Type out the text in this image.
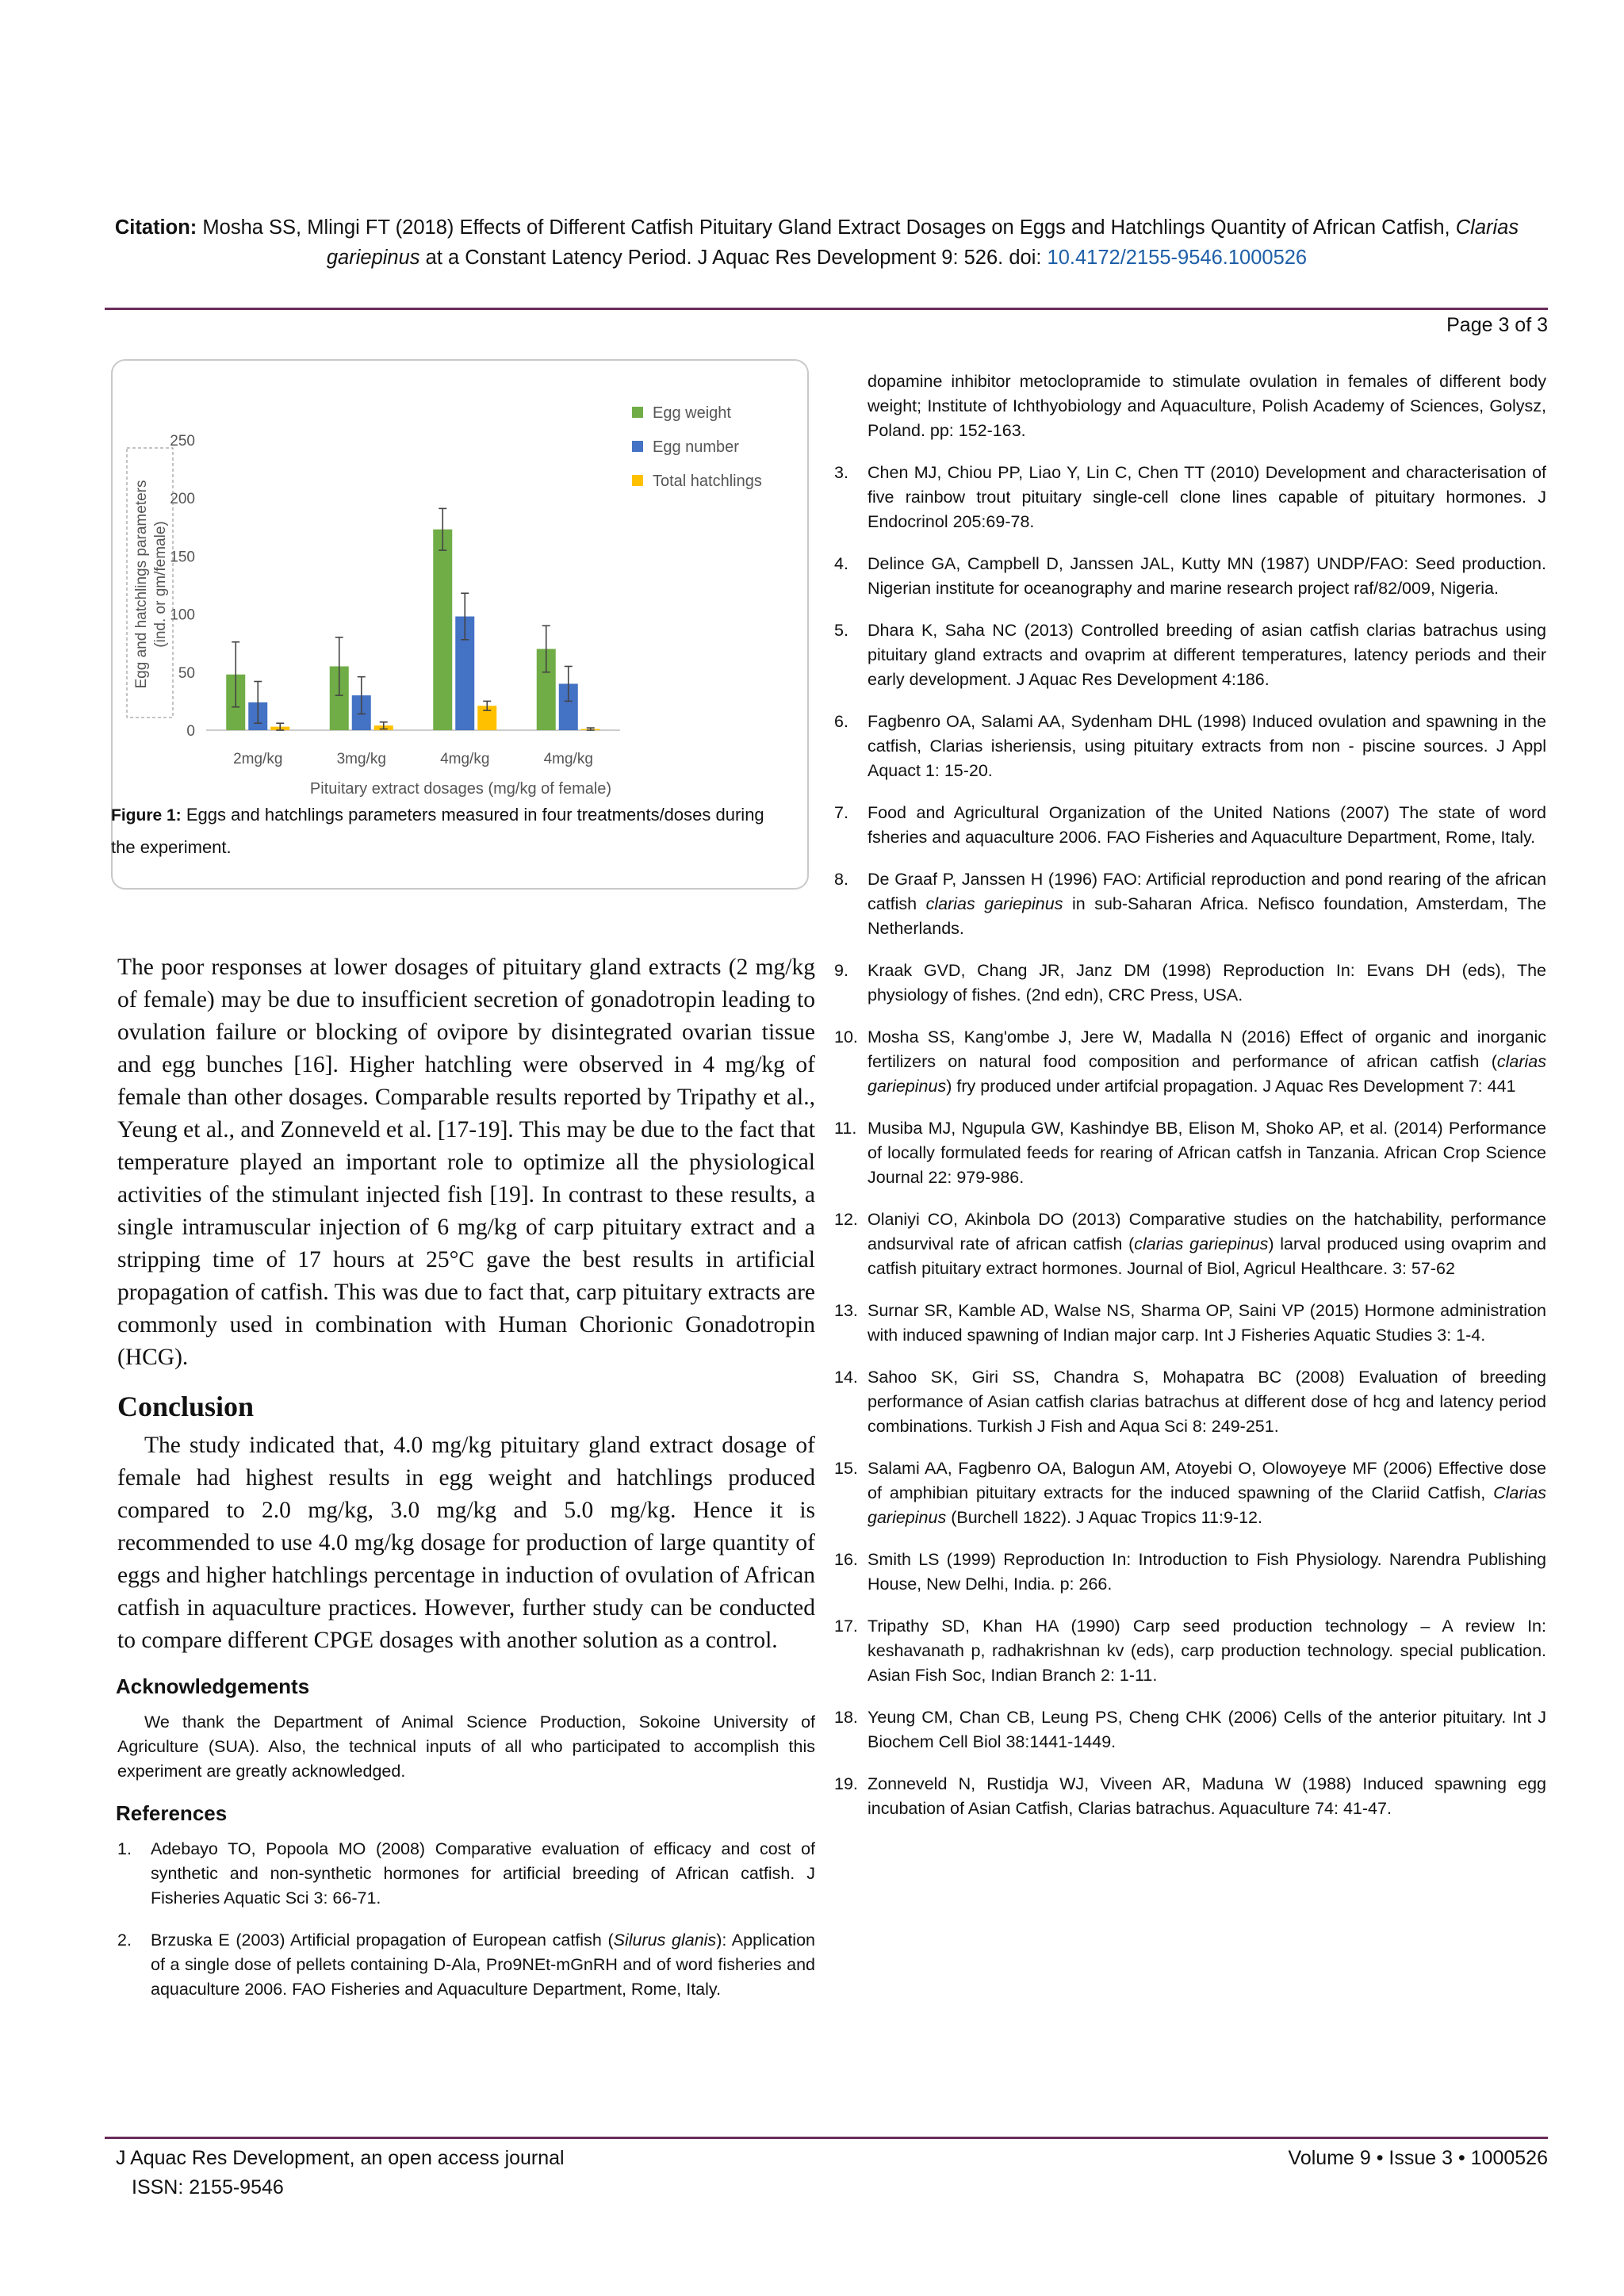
Citation: Mosha SS, Mlingi FT (2018) Effects of Different Catfish Pituitary Gland Extract Dosages on Eggs and Hatchlings Quantity of African Catfish, Clarias gariepinus at a Constant Latency Period. J Aquac Res Development 9: 526. doi: 10.4172/2155-9546.1000526
Page 3 of 3
0
50
100
150
200
250
Egg and hatchlings parameters (ind. or gm/female)
2mg/kg	3mg/kg	4mg/kg	4mg/kg
Pituitary extract dosages (mg/kg of female)
Egg weight
Egg number
Total hatchlings
Figure 1: Eggs and hatchlings parameters measured in four treatments/doses during the experiment.

The poor responses at lower dosages of pituitary gland extracts (2 mg/kg of female) may be due to insufficient secretion of gonadotropin leading to ovulation failure or blocking of ovipore by disintegrated ovarian tissue and egg bunches [16]. Higher hatchling were observed in 4 mg/kg of female than other dosages. Comparable results reported by Tripathy et al., Yeung et al., and Zonneveld et al. [17-19]. This may be due to the fact that temperature played an important role to optimize all the physiological activities of the stimulant injected fish [19]. In contrast to these results, a single intramuscular injection of 6 mg/kg of carp pituitary extract and a stripping time of 17 hours at 25°C gave the best results in artificial propagation of catfish. This was due to fact that, carp pituitary extracts are commonly used in combination with Human Chorionic Gonadotropin (HCG).

Conclusion

The study indicated that, 4.0 mg/kg pituitary gland extract dosage of female had highest results in egg weight and hatchlings produced compared to 2.0 mg/kg, 3.0 mg/kg and 5.0 mg/kg. Hence it is recommended to use 4.0 mg/kg dosage for production of large quantity of eggs and higher hatchlings percentage in induction of ovulation of African catfish in aquaculture practices. However, further study can be conducted to compare different CPGE dosages with another solution as a control.

Acknowledgements

We thank the Department of Animal Science Production, Sokoine University of Agriculture (SUA). Also, the technical inputs of all who participated to accomplish this experiment are greatly acknowledged.

References
1.	Adebayo TO, Popoola MO (2008) Comparative evaluation of efficacy and cost of synthetic and non-synthetic hormones for artificial breeding of African catfish. J Fisheries Aquatic Sci 3: 66-71.
2.	Brzuska E (2003) Artificial propagation of European catfish (Silurus glanis): Application of a single dose of pellets containing D-Ala, Pro9NEt-mGnRH and of word fisheries and aquaculture 2006. FAO Fisheries and Aquaculture Department, Rome, Italy.
dopamine inhibitor metoclopramide to stimulate ovulation in females of different body weight; Institute of Ichthyobiology and Aquaculture, Polish Academy of Sciences, Golysz, Poland. pp: 152-163.
3.	Chen MJ, Chiou PP, Liao Y, Lin C, Chen TT (2010) Development and characterisation of five rainbow trout pituitary single-cell clone lines capable of pituitary hormones. J Endocrinol 205:69-78.
4.	Delince GA, Campbell D, Janssen JAL, Kutty MN (1987) UNDP/FAO: Seed production. Nigerian institute for oceanography and marine research project raf/82/009, Nigeria.
5.	Dhara K, Saha NC (2013) Controlled breeding of asian catfish clarias batrachus using pituitary gland extracts and ovaprim at different temperatures, latency periods and their early development. J Aquac Res Development 4:186.
6.	Fagbenro OA, Salami AA, Sydenham DHL (1998) Induced ovulation and spawning in the catfish, Clarias isheriensis, using pituitary extracts from non - piscine sources. J Appl Aquact 1: 15-20.
7.	Food and Agricultural Organization of the United Nations (2007) The state of word fsheries and aquaculture 2006. FAO Fisheries and Aquaculture Department, Rome, Italy.
8.	De Graaf P, Janssen H (1996) FAO: Artificial reproduction and pond rearing of the african catfish clarias gariepinus in sub-Saharan Africa. Nefisco foundation, Amsterdam, The Netherlands.
9.	Kraak GVD, Chang JR, Janz DM (1998) Reproduction In: Evans DH (eds), The physiology of fishes. (2nd edn), CRC Press, USA.
10. Mosha SS, Kang'ombe J, Jere W, Madalla N (2016) Effect of organic and inorganic fertilizers on natural food composition and performance of african catfish (clarias gariepinus) fry produced under artifcial propagation. J Aquac Res Development 7: 441
11. Musiba MJ, Ngupula GW, Kashindye BB, Elison M, Shoko AP, et al. (2014) Performance of locally formulated feeds for rearing of African catfsh in Tanzania. African Crop Science Journal 22: 979-986.
12. Olaniyi CO, Akinbola DO (2013) Comparative studies on the hatchability, performance andsurvival rate of african catfish (clarias gariepinus) larval produced using ovaprim and catfish pituitary extract hormones. Journal of Biol, Agricul Healthcare. 3: 57-62
13. Surnar SR, Kamble AD, Walse NS, Sharma OP, Saini VP (2015) Hormone administration with induced spawning of Indian major carp. Int J Fisheries Aquatic Studies 3: 1-4.
14. Sahoo SK, Giri SS, Chandra S, Mohapatra BC (2008) Evaluation of breeding performance of Asian catfish clarias batrachus at different dose of hcg and latency period combinations. Turkish J Fish and Aqua Sci 8: 249-251.
15. Salami AA, Fagbenro OA, Balogun AM, Atoyebi O, Olowoyeye MF (2006) Effective dose of amphibian pituitary extracts for the induced spawning of the Clariid Catfish, Clarias gariepinus (Burchell 1822). J Aquac Tropics 11:9-12.
16. Smith LS (1999) Reproduction In: Introduction to Fish Physiology. Narendra Publishing House, New Delhi, India. p: 266.
17. Tripathy SD, Khan HA (1990) Carp seed production technology – A review In: keshavanath p, radhakrishnan kv (eds), carp production technology. special publication. Asian Fish Soc, Indian Branch 2: 1-11.
18. Yeung CM, Chan CB, Leung PS, Cheng CHK (2006) Cells of the anterior pituitary. Int J Biochem Cell Biol 38:1441-1449.
19. Zonneveld N, Rustidja WJ, Viveen AR, Maduna W (1988) Induced spawning egg incubation of Asian Catfish, Clarias batrachus. Aquaculture 74: 41-47.
J Aquac Res Development, an open access journal
ISSN: 2155-9546
Volume 9 • Issue 3 • 1000526
